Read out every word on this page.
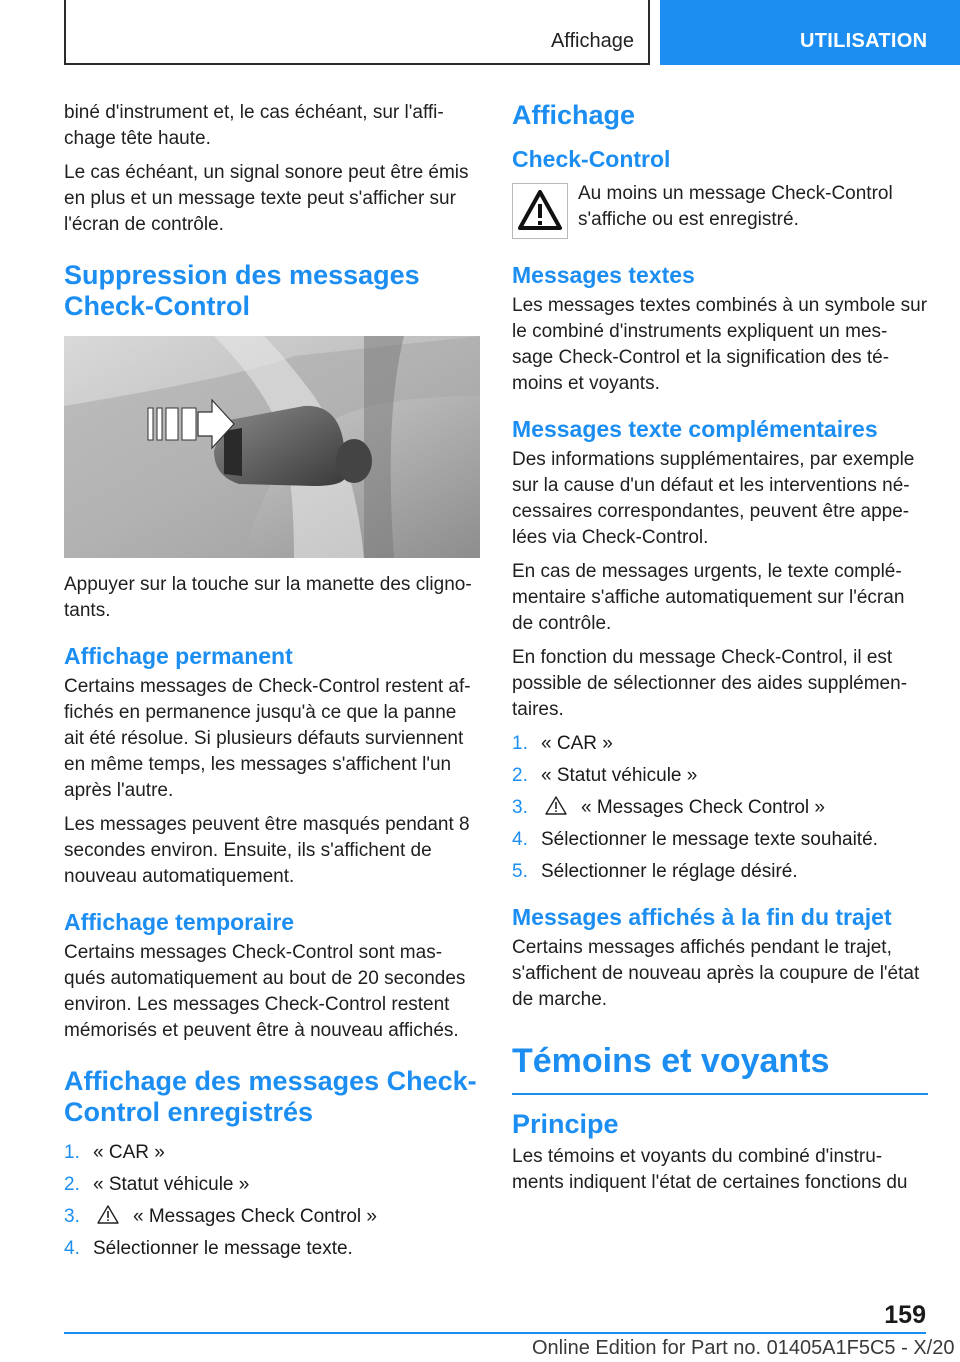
Affichage	UTILISATION

biné d'instrument et, le cas échéant, sur l'affi‐ chage tête haute.

Le cas échéant, un signal sonore peut être émis en plus et un message texte peut s'afficher sur l'écran de contrôle.

Suppression des messages Check-Control

Appuyer sur la touche sur la manette des cligno‐ tants.

Affichage permanent

Certains messages de Check-Control restent af‐ fichés en permanence jusqu'à ce que la panne ait été résolue. Si plusieurs défauts surviennent en même temps, les messages s'affichent l'un après l'autre.

Les messages peuvent être masqués pendant 8 secondes environ. Ensuite, ils s'affichent de nouveau automatiquement.

Affichage temporaire

Certains messages Check-Control sont mas‐ qués automatiquement au bout de 20 secondes environ. Les messages Check-Control restent mémorisés et peuvent être à nouveau affichés.

Affichage des messages Check-Control enregistrés
1. « CAR »
2. « Statut véhicule »
3.	« Messages Check Control »
4. Sélectionner le message texte.
Affichage
Check-Control

Au moins un message Check-Control s'affiche ou est enregistré.

Messages textes

Les messages textes combinés à un symbole sur le combiné d'instruments expliquent un mes‐ sage Check-Control et la signification des té‐ moins et voyants.

Messages texte complémentaires

Des informations supplémentaires, par exemple sur la cause d'un défaut et les interventions né‐ cessaires correspondantes, peuvent être appe‐ lées via Check-Control.

En cas de messages urgents, le texte complé‐ mentaire s'affiche automatiquement sur l'écran de contrôle.

En fonction du message Check-Control, il est possible de sélectionner des aides supplémen‐ taires.

1. « CAR »
2. « Statut véhicule »
3.	« Messages Check Control »
4. Sélectionner le message texte souhaité.
5. Sélectionner le réglage désiré.
Messages affichés à la fin du trajet

Certains messages affichés pendant le trajet, s'affichent de nouveau après la coupure de l'état de marche.

Témoins et voyants
Principe

Les témoins et voyants du combiné d'instru‐ ments indiquent l'état de certaines fonctions du

159
Online Edition for Part no. 01405A1F5C5 - X/20
